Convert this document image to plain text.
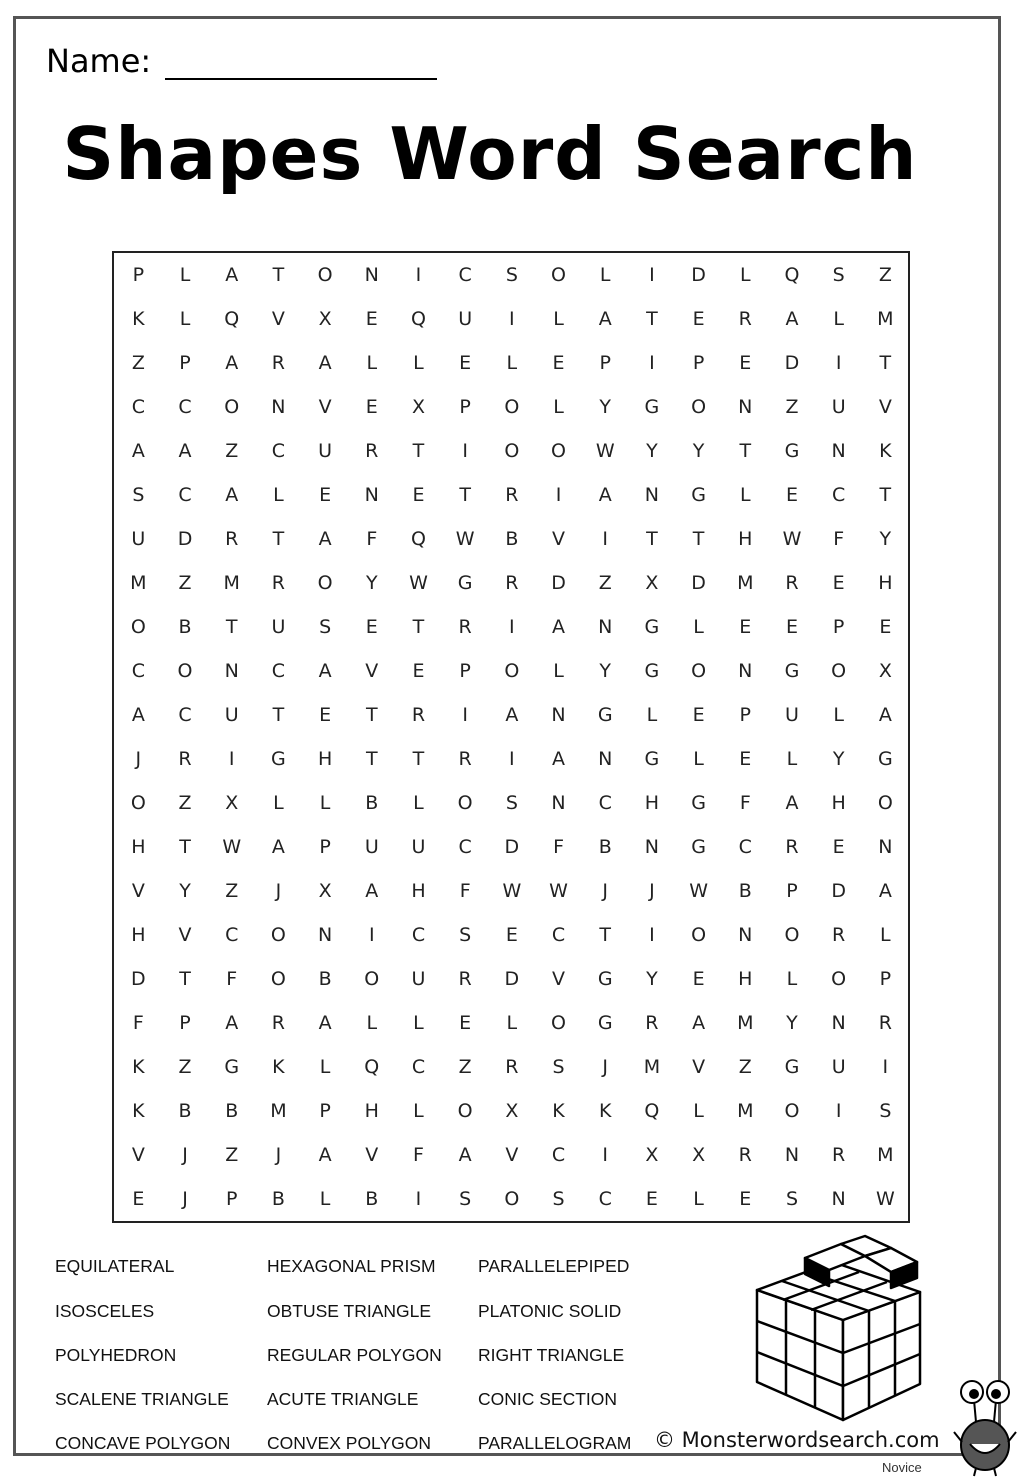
Name:
Shapes Word Search
P	L	A	T	O	N	I	C	S	O	L	I	D	L	Q	S	Z
K	L	Q	V	X	E	Q	U	I	L	A	T	E	R	A	L	M
Z	P	A	R	A	L	L	E	L	E	P	I	P	E	D	I	T
C	C	O	N	V	E	X	P	O	L	Y	G	O	N	Z	U	V
A	A	Z	C	U	R	T	I	O	O	W	Y	Y	T	G	N	K
S	C	A	L	E	N	E	T	R	I	A	N	G	L	E	C	T
U	D	R	T	A	F	Q	W	B	V	I	T	T	H	W	F	Y
M	Z	M	R	O	Y	W	G	R	D	Z	X	D	M	R	E	H
O	B	T	U	S	E	T	R	I	A	N	G	L	E	E	P	E
C	O	N	C	A	V	E	P	O	L	Y	G	O	N	G	O	X
A	C	U	T	E	T	R	I	A	N	G	L	E	P	U	L	A
J	R	I	G	H	T	T	R	I	A	N	G	L	E	L	Y	G
O	Z	X	L	L	B	L	O	S	N	C	H	G	F	A	H	O
H	T	W	A	P	U	U	C	D	F	B	N	G	C	R	E	N
V	Y	Z	J	X	A	H	F	W	W	J	J	W	B	P	D	A
H	V	C	O	N	I	C	S	E	C	T	I	O	N	O	R	L
D	T	F	O	B	O	U	R	D	V	G	Y	E	H	L	O	P
F	P	A	R	A	L	L	E	L	O	G	R	A	M	Y	N	R
K	Z	G	K	L	Q	C	Z	R	S	J	M	V	Z	G	U	I
K	B	B	M	P	H	L	O	X	K	K	Q	L	M	O	I	S
V	J	Z	J	A	V	F	A	V	C	I	X	X	R	N	R	M
E	J	P	B	L	B	I	S	O	S	C	E	L	E	S	N	W
EQUILATERAL
ISOSCELES
POLYHEDRON
SCALENE TRIANGLE
CONCAVE POLYGON
HEXAGONAL PRISM
OBTUSE TRIANGLE
REGULAR POLYGON
ACUTE TRIANGLE
CONVEX POLYGON
PARALLELEPIPED
PLATONIC SOLID
RIGHT TRIANGLE
CONIC SECTION
PARALLELOGRAM © Monsterwordsearch.com
Novice
